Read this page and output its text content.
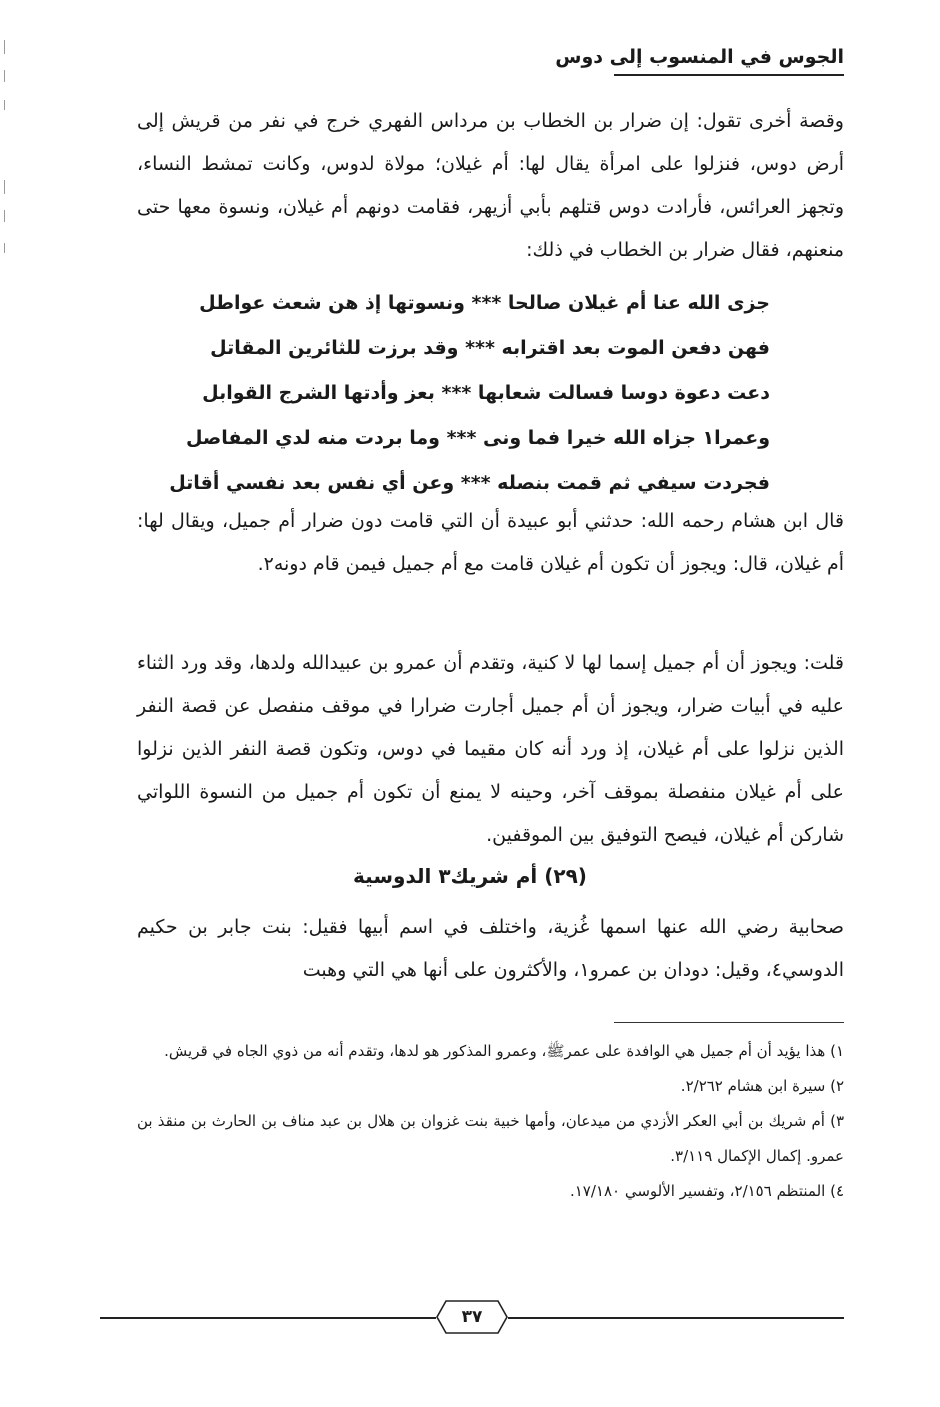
الجوس في المنسوب إلى دوس

وقصة أخرى تقول: إن ضرار بن الخطاب بن مرداس الفهري خرج في نفر من قريش إلى أرض دوس، فنزلوا على امرأة يقال لها: أم غيلان؛ مولاة لدوس، وكانت تمشط النساء، وتجهز العرائس، فأرادت دوس قتلهم بأبي أزيهر، فقامت دونهم أم غيلان، ونسوة معها حتى منعنهم، فقال ضرار بن الخطاب في ذلك:

جزى الله عنا أم غيلان صالحا *** ونسوتها إذ هن شعث عواطل
فهن دفعن الموت بعد اقترابه *** وقد برزت للثائرين المقاتل
دعت دعوة دوسا فسالت شعابها *** بعز وأدتها الشرج القوابل
وعمرا١ جزاه الله خيرا فما ونى *** وما بردت منه لدي المفاصل
فجردت سيفي ثم قمت بنصله *** وعن أي نفس بعد نفسي أقاتل

قال ابن هشام رحمه الله: حدثني أبو عبيدة أن التي قامت دون ضرار أم جميل، ويقال لها: أم غيلان، قال: ويجوز أن تكون أم غيلان قامت مع أم جميل فيمن قام دونه٢.

قلت: ويجوز أن أم جميل إسما لها لا كنية، وتقدم أن عمرو بن عبيدالله ولدها، وقد ورد الثناء عليه في أبيات ضرار، ويجوز أن أم جميل أجارت ضرارا في موقف منفصل عن قصة النفر الذين نزلوا على أم غيلان، إذ ورد أنه كان مقيما في دوس، وتكون قصة النفر الذين نزلوا على أم غيلان منفصلة بموقف آخر، وحينه لا يمنع أن تكون أم جميل من النسوة اللواتي شاركن أم غيلان، فيصح التوفيق بين الموقفين.

(٢٩) أم شريك٣ الدوسية

صحابية رضي الله عنها اسمها غُزية، واختلف في اسم أبيها فقيل: بنت جابر بن حكيم الدوسي٤، وقيل: دودان بن عمرو١، والأكثرون على أنها هي التي وهبت

١) هذا يؤيد أن أم جميل هي الوافدة على عمرﷺ، وعمرو المذكور هو لدها، وتقدم أنه من ذوي الجاه في قريش.

٢) سيرة ابن هشام ٢/٢٦٢.

٣) أم شريك بن أبي العكر الأزدي من ميدعان، وأمها خبية بنت غزوان بن هلال بن عبد مناف بن الحارث بن منقذ بن عمرو. إكمال الإكمال ٣/١١٩.

٤) المنتظم ٢/١٥٦، وتفسير الألوسي ١٧/١٨٠.

٣٧
